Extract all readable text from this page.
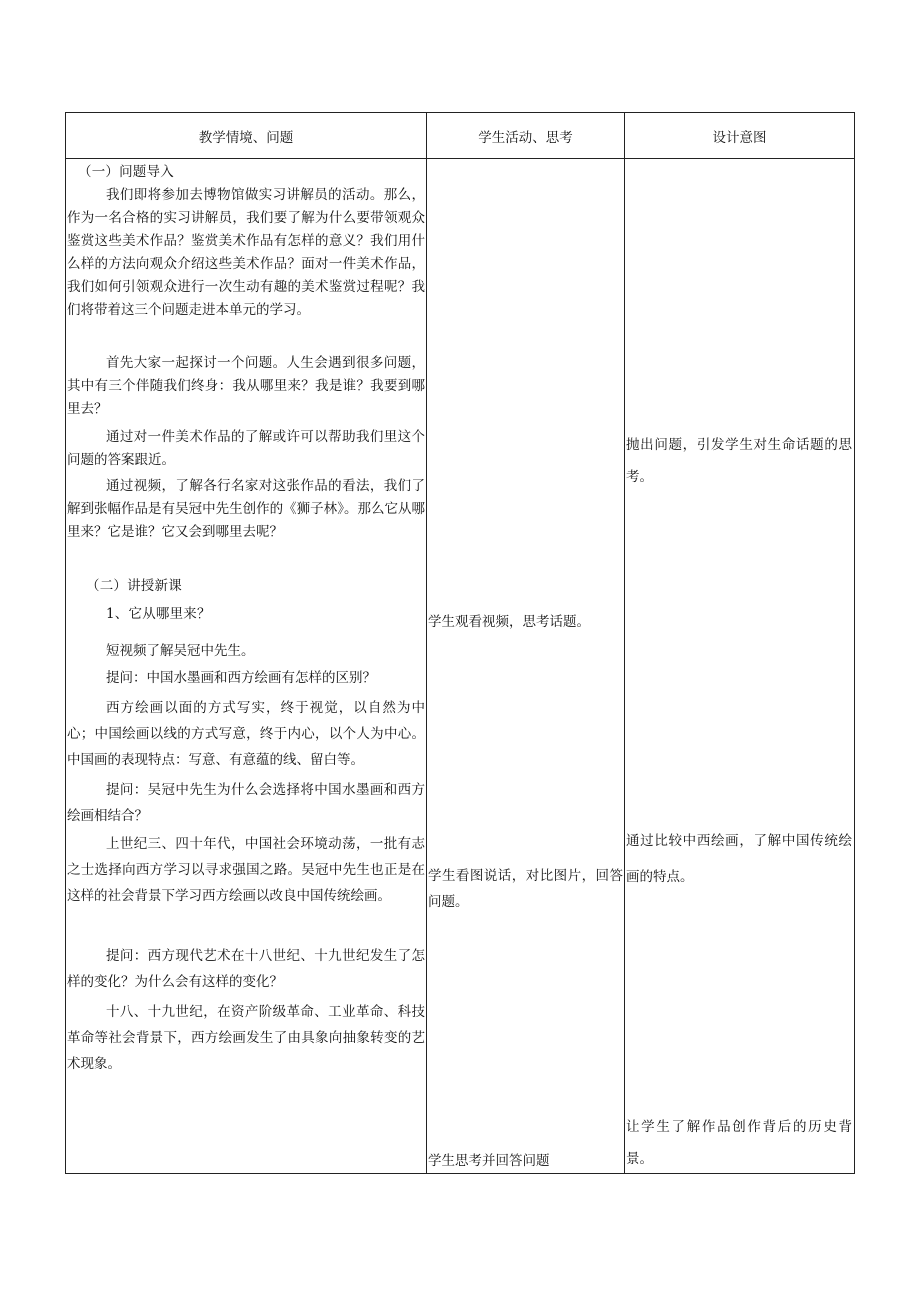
教学情境、问题	学生活动、思考	设计意图
（一）问题导入
我们即将参加去博物馆做实习讲解员的活动。那么，作为一名合格的实习讲解员，我们要了解为什么要带领观众鉴赏这些美术作品？鉴赏美术作品有怎样的意义？我们用什么样的方法向观众介绍这些美术作品？面对一件美术作品，我们如何引领观众进行一次生动有趣的美术鉴赏过程呢？我们将带着这三个问题走进本单元的学习。
首先大家一起探讨一个问题。人生会遇到很多问题，其中有三个伴随我们终身：我从哪里来？我是谁？我要到哪里去？
通过对一件美术作品的了解或许可以帮助我们里这个问题的答案跟近。
通过视频，了解各行名家对这张作品的看法，我们了解到张幅作品是有吴冠中先生创作的《狮子林》。那么它从哪里来？它是谁？它又会到哪里去呢？
（二）讲授新课
1、它从哪里来？
短视频了解吴冠中先生。
提问：中国水墨画和西方绘画有怎样的区别？
西方绘画以面的方式写实，终于视觉，以自然为中心；中国绘画以线的方式写意，终于内心，以个人为中心。中国画的表现特点：写意、有意蕴的线、留白等。
提问：吴冠中先生为什么会选择将中国水墨画和西方绘画相结合？
上世纪三、四十年代，中国社会环境动荡，一批有志之士选择向西方学习以寻求强国之路。吴冠中先生也正是在这样的社会背景下学习西方绘画以改良中国传统绘画。
提问：西方现代艺术在十八世纪、十九世纪发生了怎样的变化？为什么会有这样的变化？
十八、十九世纪，在资产阶级革命、工业革命、科技革命等社会背景下，西方绘画发生了由具象向抽象转变的艺术现象。
学生观看视频，思考话题。
学生看图说话，对比图片，回答问题。
学生思考并回答问题
抛出问题，引发学生对生命话题的思考。
通过比较中西绘画，了解中国传统绘画的特点。
让学生了解作品创作背后的历史背景。
